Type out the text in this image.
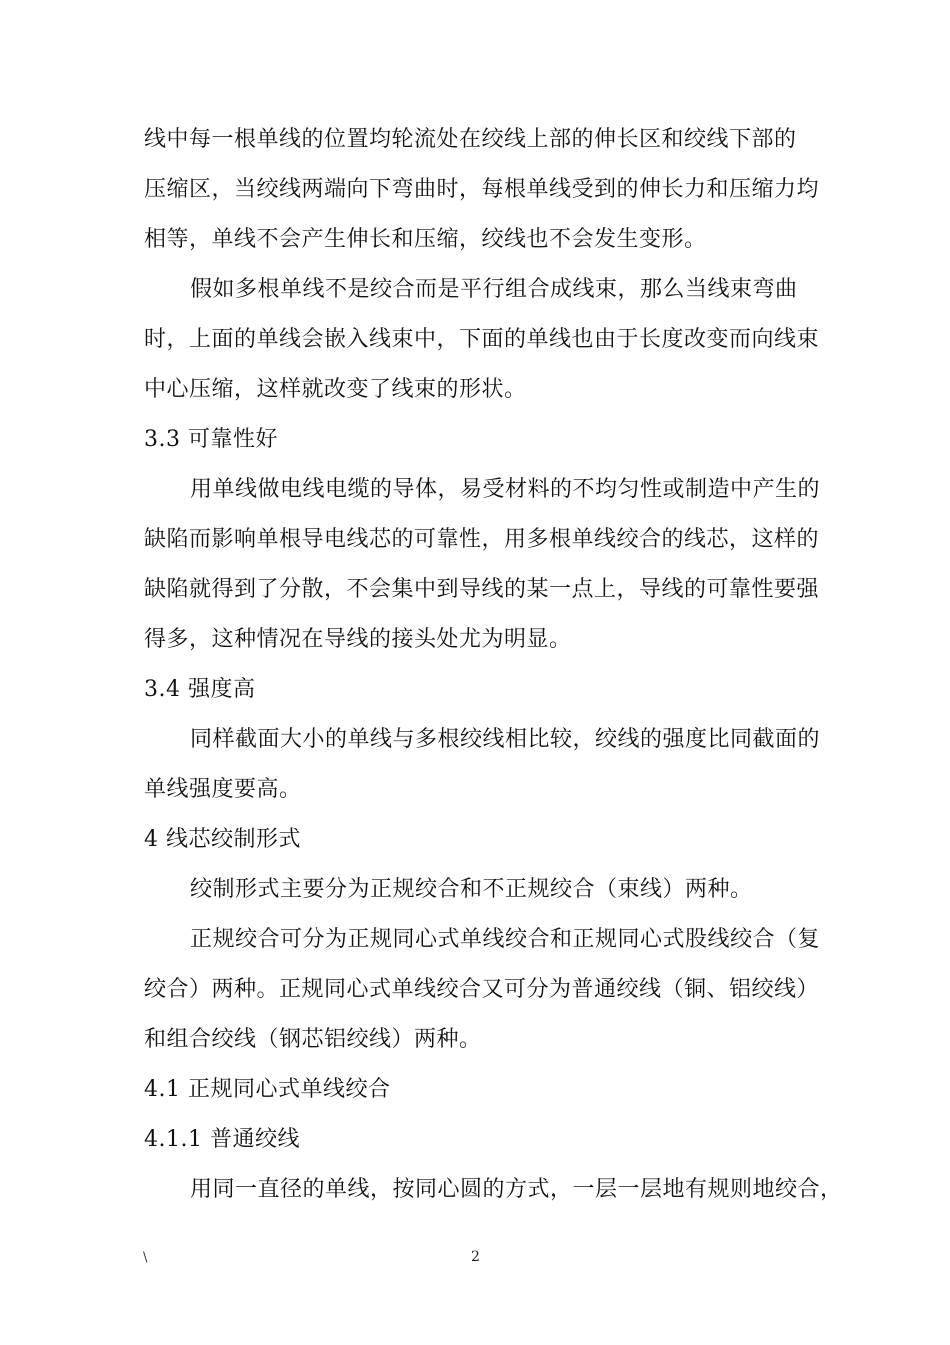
线中每一根单线的位置均轮流处在绞线上部的伸长区和绞线下部的
压缩区，当绞线两端向下弯曲时，每根单线受到的伸长力和压缩力均
相等，单线不会产生伸长和压缩，绞线也不会发生变形。
假如多根单线不是绞合而是平行组合成线束，那么当线束弯曲
时，上面的单线会嵌入线束中，下面的单线也由于长度改变而向线束
中心压缩，这样就改变了线束的形状。
3.3 可靠性好
用单线做电线电缆的导体，易受材料的不均匀性或制造中产生的
缺陷而影响单根导电线芯的可靠性，用多根单线绞合的线芯，这样的
缺陷就得到了分散，不会集中到导线的某一点上，导线的可靠性要强
得多，这种情况在导线的接头处尤为明显。
3.4 强度高
同样截面大小的单线与多根绞线相比较，绞线的强度比同截面的
单线强度要高。
4 线芯绞制形式
绞制形式主要分为正规绞合和不正规绞合（束线）两种。
正规绞合可分为正规同心式单线绞合和正规同心式股线绞合（复
绞合）两种。正规同心式单线绞合又可分为普通绞线（铜、铝绞线）
和组合绞线（钢芯铝绞线）两种。
4.1 正规同心式单线绞合
4.1.1 普通绞线
用同一直径的单线，按同心圆的方式，一层一层地有规则地绞合，
\	2
